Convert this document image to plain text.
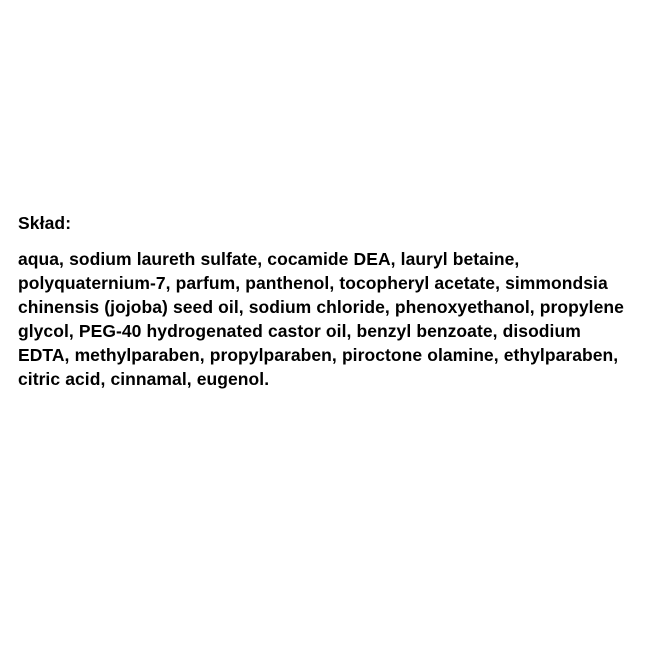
Skład:

aqua, sodium laureth sulfate, cocamide DEA, lauryl betaine, polyquaternium-7, parfum, panthenol, tocopheryl acetate, simmondsia chinensis (jojoba) seed oil, sodium chloride, phenoxyethanol, propylene glycol, PEG-40 hydrogenated castor oil, benzyl benzoate, disodium EDTA, methylparaben, propylparaben, piroctone olamine, ethylparaben, citric acid, cinnamal, eugenol.
